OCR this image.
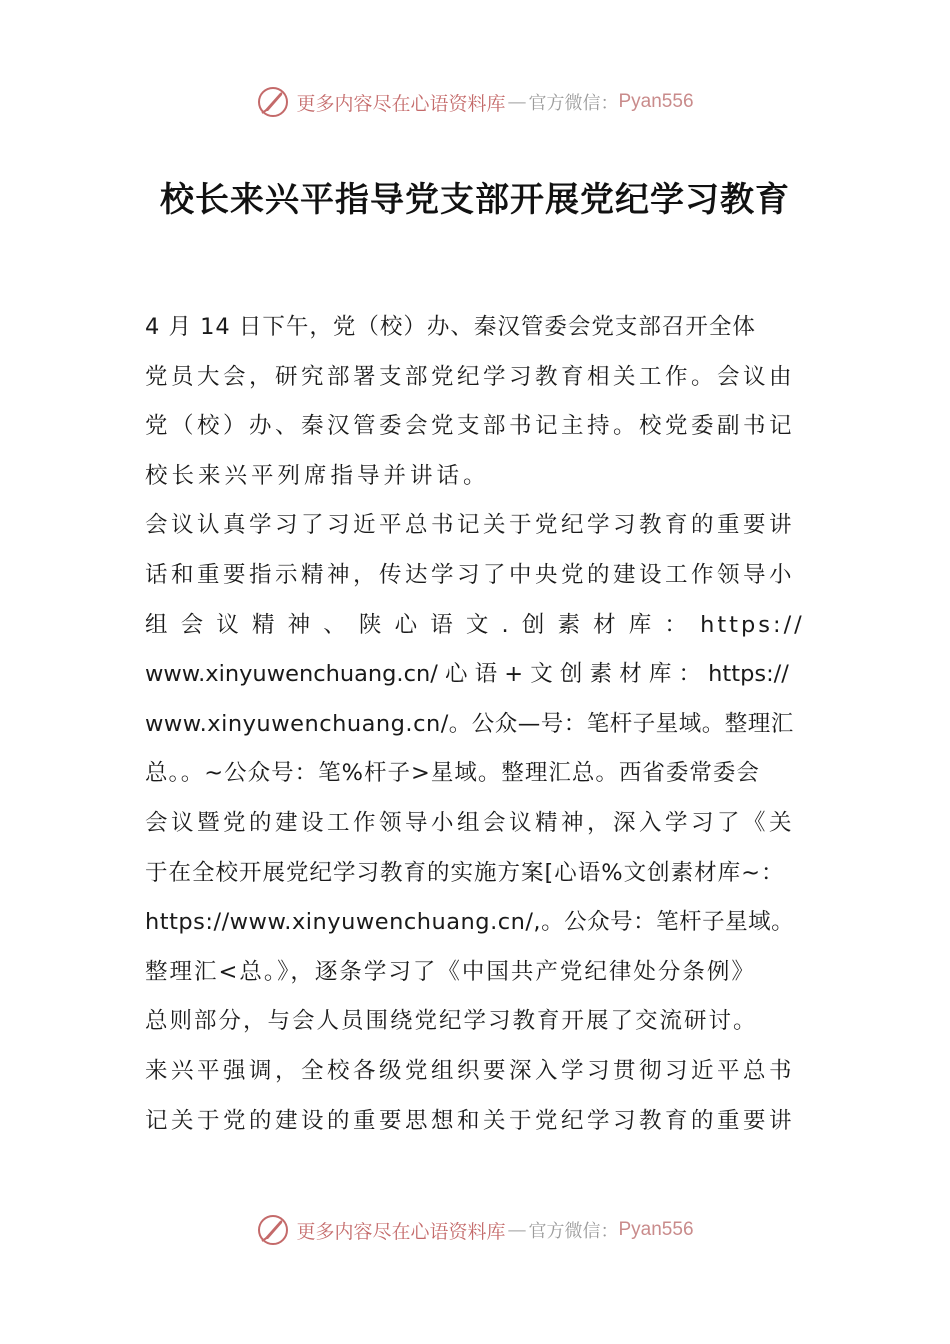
更多内容尽在心语资料库 — 官方微信： Pyan556
校长来兴平指导党支部开展党纪学习教育
4 月 14 日下午，党（校）办、秦汉管委会党支部召开全体
党员大会，研究部署支部党纪学习教育相关工作。会议由
党（校）办、秦汉管委会党支部书记主持。校党委副书记
校长来兴平列席指导并讲话。
会议认真学习了习近平总书记关于党纪学习教育的重要讲
话和重要指示精神，传达学习了中央党的建设工作领导小
组 会 议 精 神 、 陕 心 语 文 . 创 素 材 库 ： https://
www.xinyuwenchuang.cn/ 心 语 + 文 创 素 材 库 ： https://
www.xinyuwenchuang.cn/。公众—号：笔杆子星域。整理汇
总。。~公众号：笔%杆子>星域。整理汇总。西省委常委会
会议暨党的建设工作领导小组会议精神，深入学习了《关
于在全校开展党纪学习教育的实施方案[心语%文创素材库~：
https://www.xinyuwenchuang.cn/,。公众号：笔杆子星域。
整理汇<总。》，逐条学习了《中国共产党纪律处分条例》
总则部分，与会人员围绕党纪学习教育开展了交流研讨。
来兴平强调，全校各级党组织要深入学习贯彻习近平总书
记关于党的建设的重要思想和关于党纪学习教育的重要讲
更多内容尽在心语资料库 — 官方微信： Pyan556
